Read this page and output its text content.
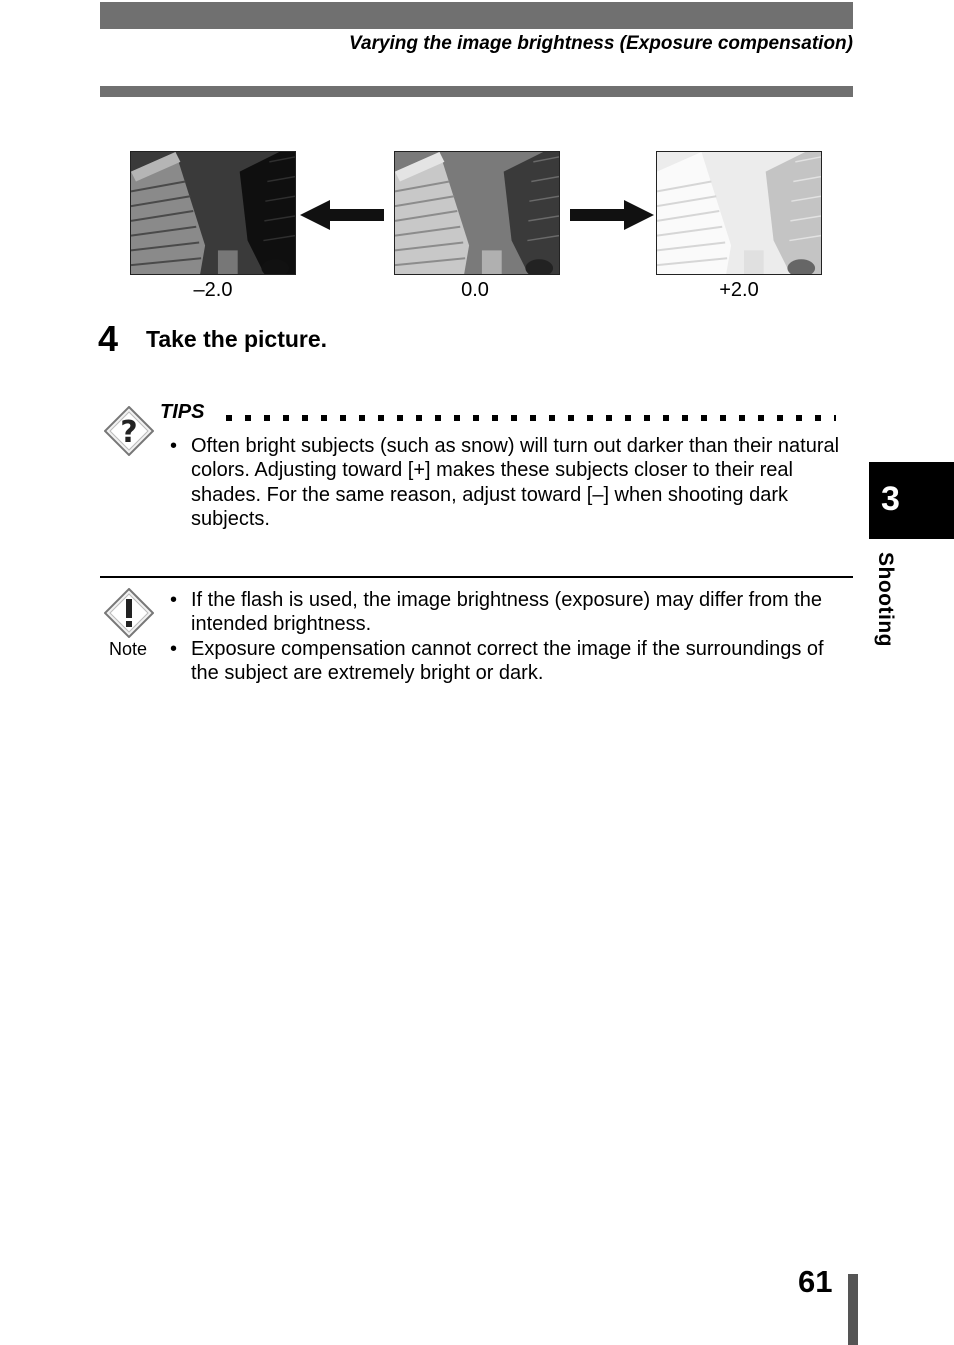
Varying the image brightness (Exposure compensation)
–2.0	0.0	+2.0
4 Take the picture.
?
TIPS
• Often bright subjects (such as snow) will turn out darker than their natural colors. Adjusting toward [+] makes these subjects closer to their real shades. For the same reason, adjust toward [–] when shooting dark subjects.
Note
• If the flash is used, the image brightness (exposure) may differ from the intended brightness.
• Exposure compensation cannot correct the image if the surroundings of the subject are extremely bright or dark.
3
Shooting
61
